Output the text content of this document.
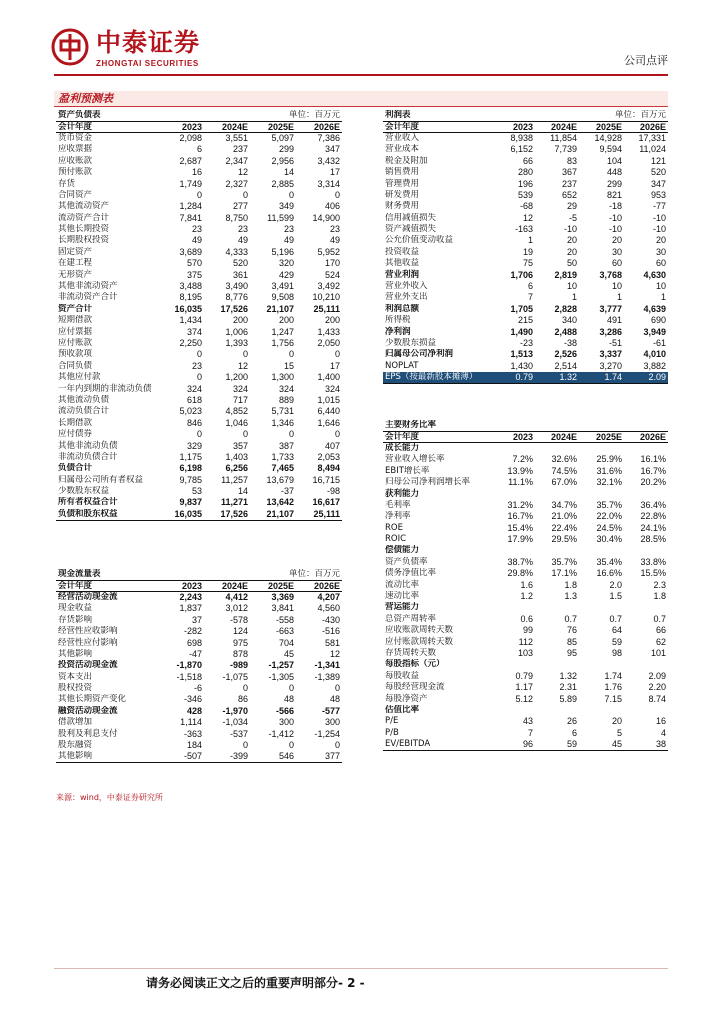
中泰证券
ZHONGTAI SECURITIES	公司点评
盈利预测表
资产负债表		单位：百万元		
会计年度	2023	2024E	2025E	2026E
货币资金	2,098	3,551	5,097	7,386
应收票据	6	237	299	347
应收账款	2,687	2,347	2,956	3,432
预付账款	16	12	14	17
存货	1,749	2,327	2,885	3,314
合同资产	0	0	0	0
其他流动资产	1,284	277	349	406
流动资产合计	7,841	8,750	11,599	14,900
其他长期投资	23	23	23	23
长期股权投资	49	49	49	49
固定资产	3,689	4,333	5,196	5,952
在建工程	570	520	320	170
无形资产	375	361	429	524
其他非流动资产	3,488	3,490	3,491	3,492
非流动资产合计	8,195	8,776	9,508	10,210
资产合计	16,035	17,526	21,107	25,111
短期借款	1,434	200	200	200
应付票据	374	1,006	1,247	1,433
应付账款	2,250	1,393	1,756	2,050
预收款项	0	0	0	0
合同负债	23	12	15	17
其他应付款	0	1,200	1,300	1,400
一年内到期的非流动负债	324	324	324	324
其他流动负债	618	717	889	1,015
流动负债合计	5,023	4,852	5,731	6,440
长期借款	846	1,046	1,346	1,646
应付债券	0	0	0	0
其他非流动负债	329	357	387	407
非流动负债合计	1,175	1,403	1,733	2,053
负债合计	6,198	6,256	7,465	8,494
归属母公司所有者权益	9,785	11,257	13,679	16,715
少数股东权益	53	14	-37	-98
所有者权益合计	9,837	11,271	13,642	16,617
负债和股东权益	16,035	17,526	21,107	25,111
现金流量表		单位：百万元		
会计年度	2023	2024E	2025E	2026E
经营活动现金流	2,243	4,412	3,369	4,207
现金收益	1,837	3,012	3,841	4,560
存货影响	37	-578	-558	-430
经营性应收影响	-282	124	-663	-516
经营性应付影响	698	975	704	581
其他影响	-47	878	45	12
投资活动现金流	-1,870	-989	-1,257	-1,341
资本支出	-1,518	-1,075	-1,305	-1,389
股权投资	-6	0	0	0
其他长期资产变化	-346	86	48	48
融资活动现金流	428	-1,970	-566	-577
借款增加	1,114	-1,034	300	300
股利及利息支付	-363	-537	-1,412	-1,254
股东融资	184	0	0	0
其他影响	-507	-399	546	377
利润表		单位：百万元		
会计年度	2023	2024E	2025E	2026E
营业收入	8,938	11,854	14,928	17,331
营业成本	6,152	7,739	9,594	11,024
税金及附加	66	83	104	121
销售费用	280	367	448	520
管理费用	196	237	299	347
研发费用	539	652	821	953
财务费用	-68	29	-18	-77
信用减值损失	12	-5	-10	-10
资产减值损失	-163	-10	-10	-10
公允价值变动收益	1	20	20	20
投资收益	19	20	30	30
其他收益	75	50	60	60
营业利润	1,706	2,819	3,768	4,630
营业外收入	6	10	10	10
营业外支出	7	1	1	1
利润总额	1,705	2,828	3,777	4,639
所得税	215	340	491	690
净利润	1,490	2,488	3,286	3,949
少数股东损益	-23	-38	-51	-61
归属母公司净利润	1,513	2,526	3,337	4,010
NOPLAT	1,430	2,514	3,270	3,882
EPS（按最新股本摊薄）	0.79	1.32	1.74	2.09
主要财务比率				
会计年度	2023	2024E	2025E	2026E
成长能力				
营业收入增长率	7.2%	32.6%	25.9%	16.1%
EBIT增长率	13.9%	74.5%	31.6%	16.7%
归母公司净利润增长率	11.1%	67.0%	32.1%	20.2%
获利能力				
毛利率	31.2%	34.7%	35.7%	36.4%
净利率	16.7%	21.0%	22.0%	22.8%
ROE	15.4%	22.4%	24.5%	24.1%
ROIC	17.9%	29.5%	30.4%	28.5%
偿债能力				
资产负债率	38.7%	35.7%	35.4%	33.8%
债务净值比率	29.8%	17.1%	16.6%	15.5%
流动比率	1.6	1.8	2.0	2.3
速动比率	1.2	1.3	1.5	1.8
营运能力				
总资产周转率	0.6	0.7	0.7	0.7
应收账款周转天数	99	76	64	66
应付账款周转天数	112	85	59	62
存货周转天数	103	95	98	101
每股指标（元）				
每股收益	0.79	1.32	1.74	2.09
每股经营现金流	1.17	2.31	1.76	2.20
每股净资产	5.12	5.89	7.15	8.74
估值比率				
P/E	43	26	20	16
P/B	7	6	5	4
EV/EBITDA	96	59	45	38
来源：wind，中泰证券研究所
请务必阅读正文之后的重要声明部分- 2 -
